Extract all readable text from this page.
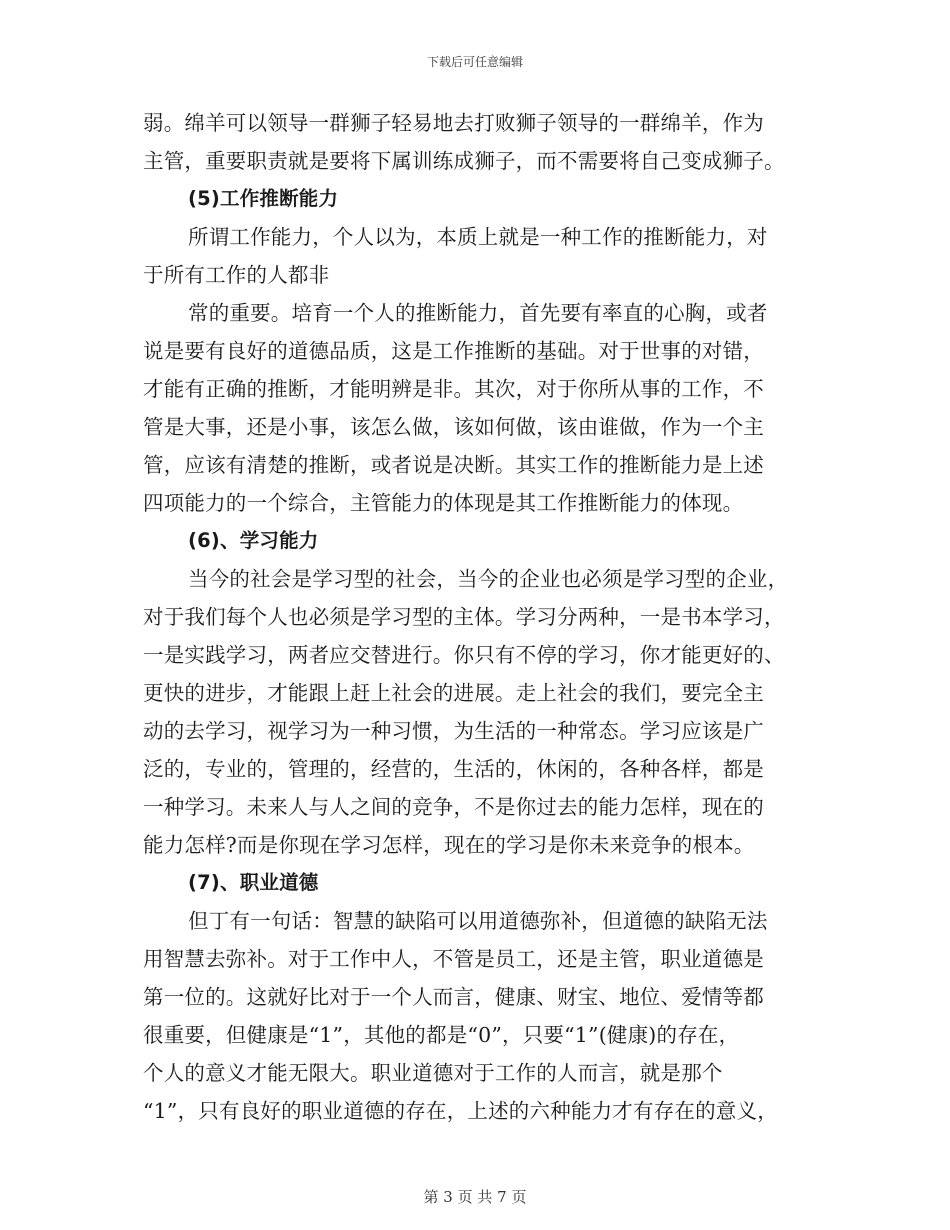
下载后可任意编辑
弱。绵羊可以领导一群狮子轻易地去打败狮子领导的一群绵羊，作为
主管，重要职责就是要将下属训练成狮子，而不需要将自己变成狮子。
(5)工作推断能力
所谓工作能力，个人以为，本质上就是一种工作的推断能力，对
于所有工作的人都非
常的重要。培育一个人的推断能力，首先要有率直的心胸，或者
说是要有良好的道德品质，这是工作推断的基础。对于世事的对错，
才能有正确的推断，才能明辨是非。其次，对于你所从事的工作，不
管是大事，还是小事，该怎么做，该如何做，该由谁做，作为一个主
管，应该有清楚的推断，或者说是决断。其实工作的推断能力是上述
四项能力的一个综合，主管能力的体现是其工作推断能力的体现。
(6)、学习能力
当今的社会是学习型的社会，当今的企业也必须是学习型的企业，
对于我们每个人也必须是学习型的主体。学习分两种，一是书本学习，
一是实践学习，两者应交替进行。你只有不停的学习，你才能更好的、
更快的进步，才能跟上赶上社会的进展。走上社会的我们，要完全主
动的去学习，视学习为一种习惯，为生活的一种常态。学习应该是广
泛的，专业的，管理的，经营的，生活的，休闲的，各种各样，都是
一种学习。未来人与人之间的竞争，不是你过去的能力怎样，现在的
能力怎样?而是你现在学习怎样，现在的学习是你未来竞争的根本。
(7)、职业道德
但丁有一句话：智慧的缺陷可以用道德弥补，但道德的缺陷无法
用智慧去弥补。对于工作中人，不管是员工，还是主管，职业道德是
第一位的。这就好比对于一个人而言，健康、财宝、地位、爱情等都
很重要，但健康是“1”，其他的都是“0”，只要“1”(健康)的存在，
个人的意义才能无限大。职业道德对于工作的人而言，就是那个
“1”，只有良好的职业道德的存在，上述的六种能力才有存在的意义，
第 3 页 共 7 页
